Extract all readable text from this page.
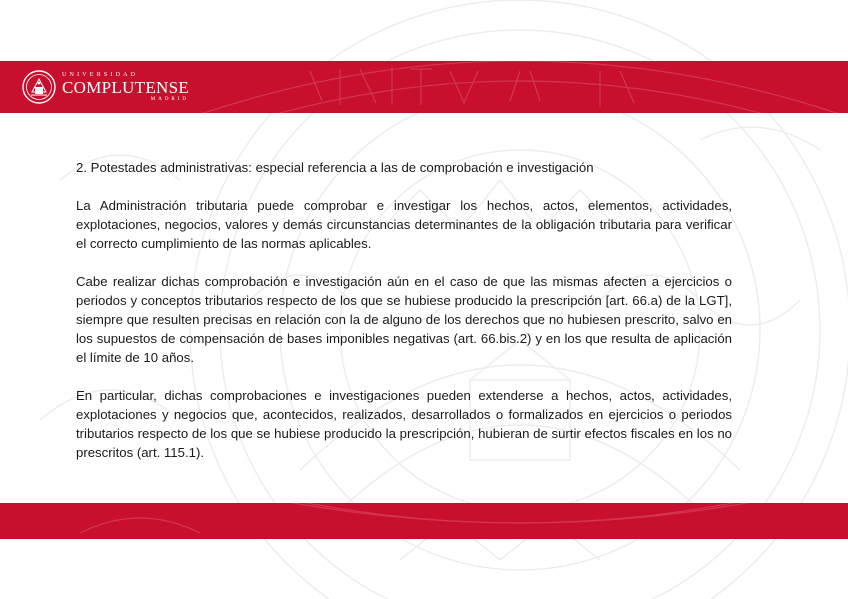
UNIVERSIDAD
COMPLUTENSE
MADRID

2. Potestades administrativas: especial referencia a las de comprobación e investigación

La Administración tributaria puede comprobar e investigar los hechos, actos, elementos, actividades, explotaciones, negocios, valores y demás circunstancias determinantes de la obligación tributaria para verificar el correcto cumplimiento de las normas aplicables.

Cabe realizar dichas comprobación e investigación aún en el caso de que las mismas afecten a ejercicios o periodos y conceptos tributarios respecto de los que se hubiese producido la prescripción [art. 66.a) de la LGT], siempre que resulten precisas en relación con la de alguno de los derechos que no hubiesen prescrito, salvo en los supuestos de compensación de bases imponibles negativas (art. 66.bis.2) y en los que resulta de aplicación el límite de 10 años.

En particular, dichas comprobaciones e investigaciones pueden extenderse a hechos, actos, actividades, explotaciones y negocios que, acontecidos, realizados, desarrollados o formalizados en ejercicios o periodos tributarios respecto de los que se hubiese producido la prescripción, hubieran de surtir efectos fiscales en los no prescritos (art. 115.1).
